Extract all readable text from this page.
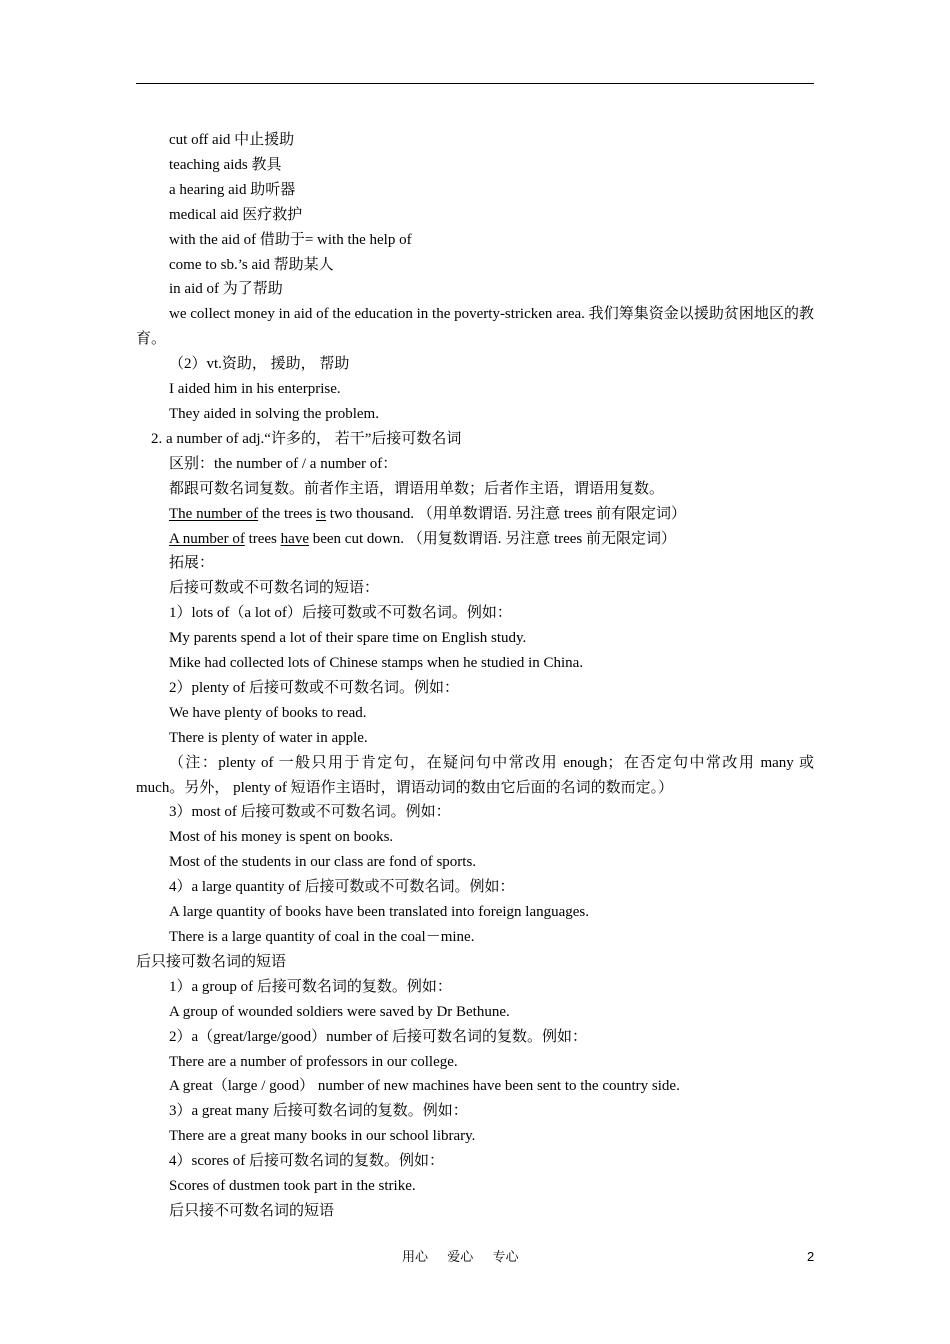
cut off aid 中止援助

teaching aids 教具

a hearing aid 助听器

medical aid 医疗救护

with the aid of 借助于= with the help of

come to sb.’s aid 帮助某人

in aid of 为了帮助

we collect money in aid of the education in the poverty-stricken area. 我们筹集资金以援助贫困地区的教育。

（2）vt.资助， 援助， 帮助

I aided him in his enterprise.

They aided in solving the problem.

2. a number of adj.“许多的， 若干”后接可数名词

区别：the number of / a number of：

都跟可数名词复数。前者作主语，谓语用单数；后者作主语，谓语用复数。

The number of the trees is two thousand. （用单数谓语. 另注意 trees 前有限定词）

A number of trees have been cut down. （用复数谓语. 另注意 trees 前无限定词）

拓展：

后接可数或不可数名词的短语：

1）lots of（a lot of）后接可数或不可数名词。例如：

My parents spend a lot of their spare time on English study.

Mike had collected lots of Chinese stamps when he studied in China.

2）plenty of 后接可数或不可数名词。例如：

We have plenty of books to read.

There is plenty of water in apple.

（注：plenty of 一般只用于肯定句，在疑问句中常改用 enough；在否定句中常改用 many 或 much。另外， plenty of 短语作主语时，谓语动词的数由它后面的名词的数而定。）

3）most of 后接可数或不可数名词。例如：

Most of his money is spent on books.

Most of the students in our class are fond of sports.

4）a large quantity of 后接可数或不可数名词。例如：

A large quantity of books have been translated into foreign languages.

There is a large quantity of coal in the coal－mine.

后只接可数名词的短语

1）a group of 后接可数名词的复数。例如：

A group of wounded soldiers were saved by Dr Bethune.

2）a（great/large/good）number of 后接可数名词的复数。例如：

There are a number of professors in our college.

A great（large / good） number of new machines have been sent to the country side.

3）a great many 后接可数名词的复数。例如：

There are a great many books in our school library.

4）scores of 后接可数名词的复数。例如：

Scores of dustmen took part in the strike.

后只接不可数名词的短语

用心 爱心 专心	2
